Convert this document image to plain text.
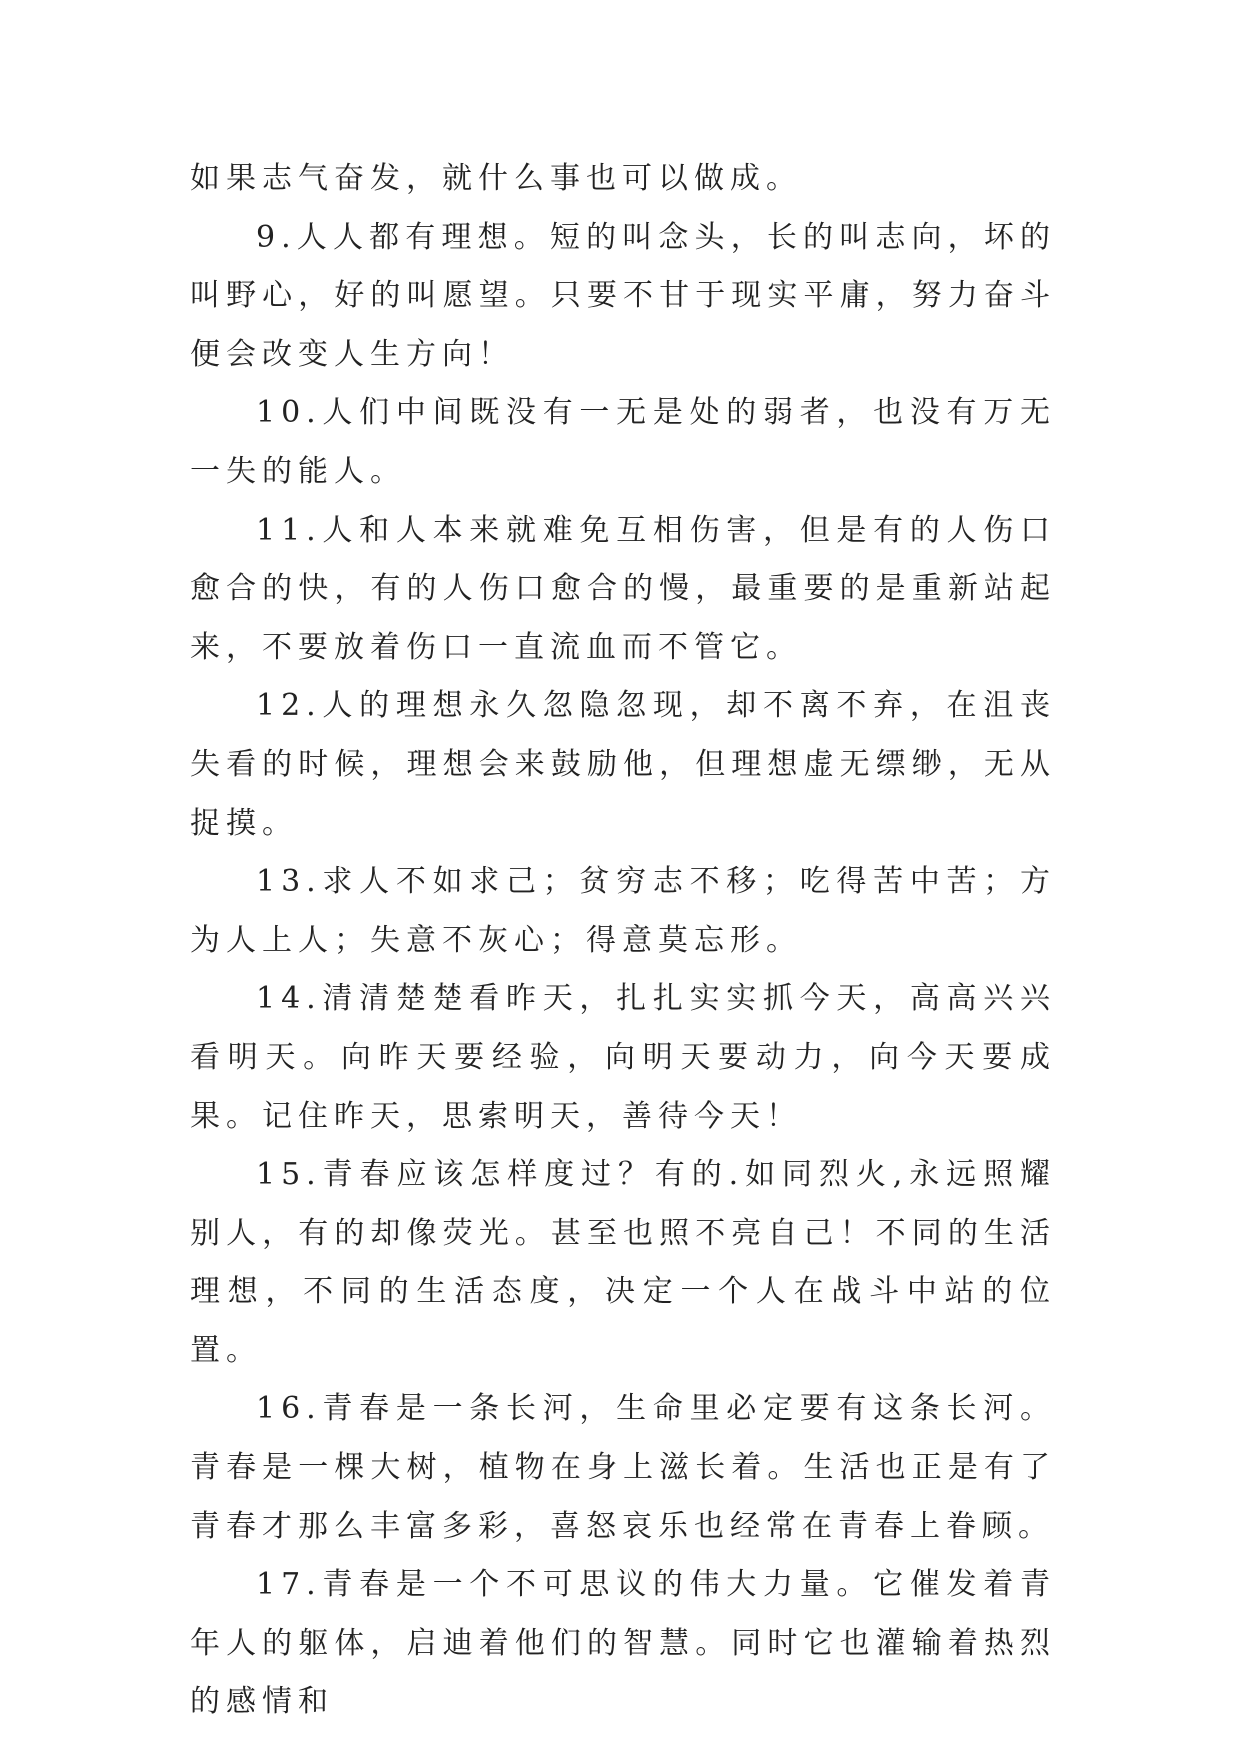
如果志气奋发，就什么事也可以做成。

9.人人都有理想。短的叫念头，长的叫志向，坏的叫野心，好的叫愿望。只要不甘于现实平庸，努力奋斗便会改变人生方向！

10.人们中间既没有一无是处的弱者，也没有万无一失的能人。

11.人和人本来就难免互相伤害，但是有的人伤口愈合的快，有的人伤口愈合的慢，最重要的是重新站起来，不要放着伤口一直流血而不管它。

12.人的理想永久忽隐忽现，却不离不弃，在沮丧失看的时候，理想会来鼓励他，但理想虚无缥缈，无从捉摸。

13.求人不如求己；贫穷志不移；吃得苦中苦；方为人上人；失意不灰心；得意莫忘形。

14.清清楚楚看昨天，扎扎实实抓今天，高高兴兴看明天。向昨天要经验，向明天要动力，向今天要成果。记住昨天，思索明天，善待今天！

15.青春应该怎样度过？有的.如同烈火,永远照耀别人，有的却像荧光。甚至也照不亮自己！不同的生活理想，不同的生活态度，决定一个人在战斗中站的位置。

16.青春是一条长河，生命里必定要有这条长河。青春是一棵大树，植物在身上滋长着。生活也正是有了青春才那么丰富多彩，喜怒哀乐也经常在青春上眷顾。

17.青春是一个不可思议的伟大力量。它催发着青年人的躯体，启迪着他们的智慧。同时它也灌输着热烈的感情和
